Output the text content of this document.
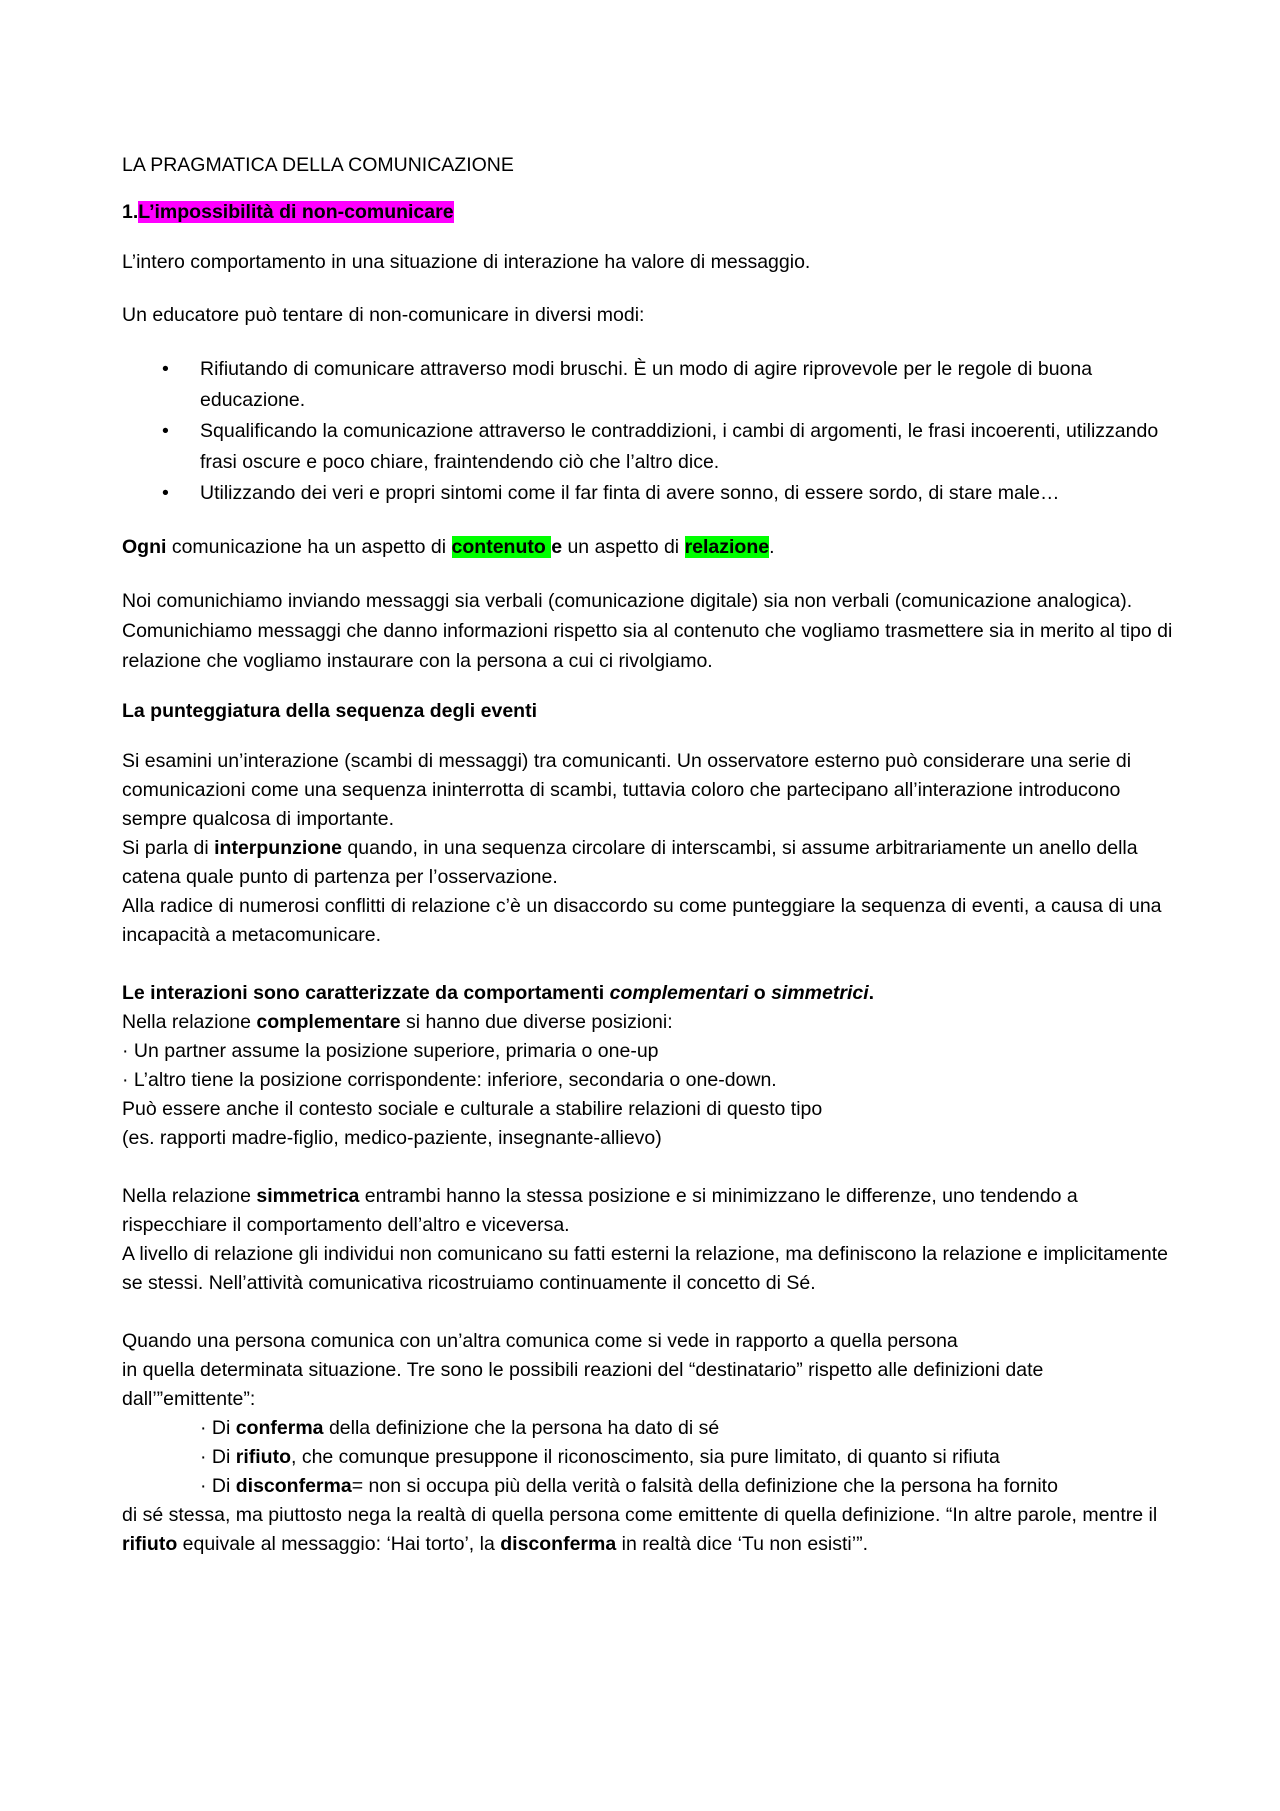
LA PRAGMATICA DELLA COMUNICAZIONE

1.L’impossibilità di non-comunicare

L’intero comportamento in una situazione di interazione ha valore di messaggio.

Un educatore può tentare di non-comunicare in diversi modi:

• Rifiutando di comunicare attraverso modi bruschi. È un modo di agire riprovevole per le regole di buona educazione.
• Squalificando la comunicazione attraverso le contraddizioni, i cambi di argomenti, le frasi incoerenti, utilizzando frasi oscure e poco chiare, fraintendendo ciò che l’altro dice.
• Utilizzando dei veri e propri sintomi come il far finta di avere sonno, di essere sordo, di stare male…

Ogni comunicazione ha un aspetto di contenuto e un aspetto di relazione.

Noi comunichiamo inviando messaggi sia verbali (comunicazione digitale) sia non verbali (comunicazione analogica). Comunichiamo messaggi che danno informazioni rispetto sia al contenuto che vogliamo trasmettere sia in merito al tipo di relazione che vogliamo instaurare con la persona a cui ci rivolgiamo.

La punteggiatura della sequenza degli eventi

Si esamini un’interazione (scambi di messaggi) tra comunicanti. Un osservatore esterno può considerare una serie di comunicazioni come una sequenza ininterrotta di scambi, tuttavia coloro che partecipano all’interazione introducono sempre qualcosa di importante.
Si parla di interpunzione quando, in una sequenza circolare di interscambi, si assume arbitrariamente un anello della catena quale punto di partenza per l’osservazione.
Alla radice di numerosi conflitti di relazione c’è un disaccordo su come punteggiare la sequenza di eventi, a causa di una incapacità a metacomunicare.
Le interazioni sono caratterizzate da comportamenti complementari o simmetrici.
Nella relazione complementare si hanno due diverse posizioni:
· Un partner assume la posizione superiore, primaria o one-up
· L’altro tiene la posizione corrispondente: inferiore, secondaria o one-down.
Può essere anche il contesto sociale e culturale a stabilire relazioni di questo tipo
(es. rapporti madre-figlio, medico-paziente, insegnante-allievo)
Nella relazione simmetrica entrambi hanno la stessa posizione e si minimizzano le differenze, uno tendendo a rispecchiare il comportamento dell’altro e viceversa.
A livello di relazione gli individui non comunicano su fatti esterni la relazione, ma definiscono la relazione e implicitamente se stessi. Nell’attività comunicativa ricostruiamo continuamente il concetto di Sé.
Quando una persona comunica con un’altra comunica come si vede in rapporto a quella persona
in quella determinata situazione. Tre sono le possibili reazioni del “destinatario” rispetto alle definizioni date dall’”emittente”:
· Di conferma della definizione che la persona ha dato di sé
· Di rifiuto, che comunque presuppone il riconoscimento, sia pure limitato, di quanto si rifiuta
· Di disconferma= non si occupa più della verità o falsità della definizione che la persona ha fornito
di sé stessa, ma piuttosto nega la realtà di quella persona come emittente di quella definizione. “In altre parole, mentre il rifiuto equivale al messaggio: ‘Hai torto’, la disconferma in realtà dice ‘Tu non esisti’”.
